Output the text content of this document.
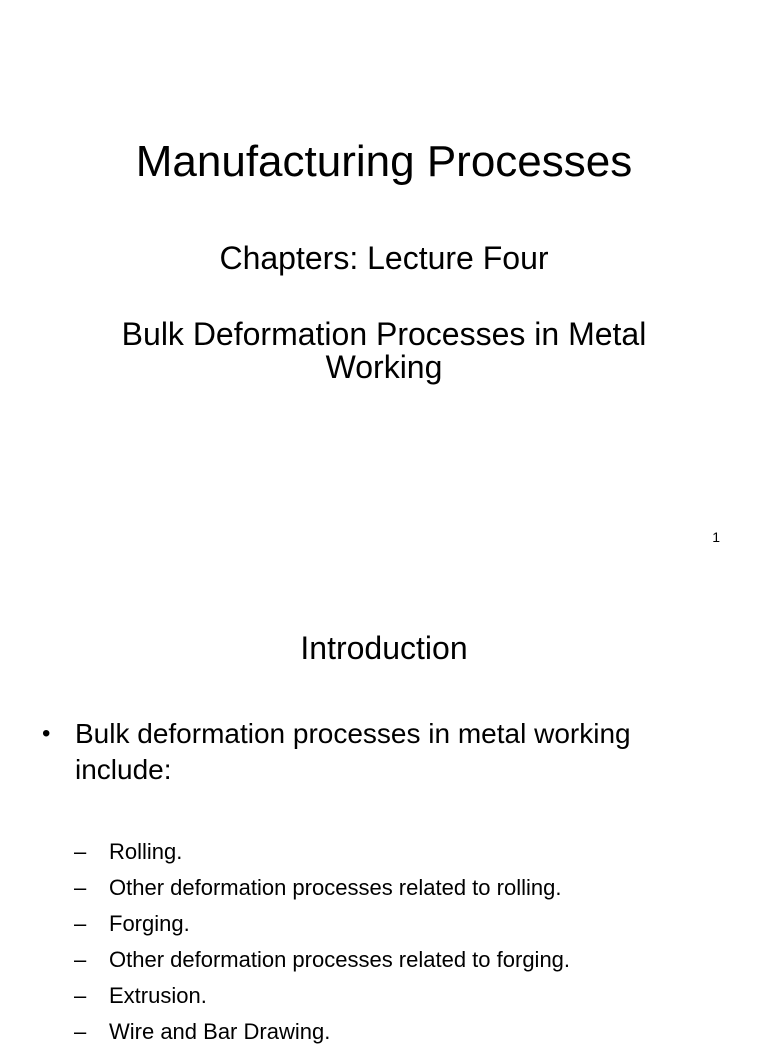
Manufacturing Processes
Chapters: Lecture Four
Bulk Deformation Processes in Metal Working
1
Introduction
• Bulk deformation processes in metal working include:
–	Rolling.
–	Other deformation processes related to rolling.
–	Forging.
–	Other deformation processes related to forging.
–	Extrusion.
–	Wire and Bar Drawing.
